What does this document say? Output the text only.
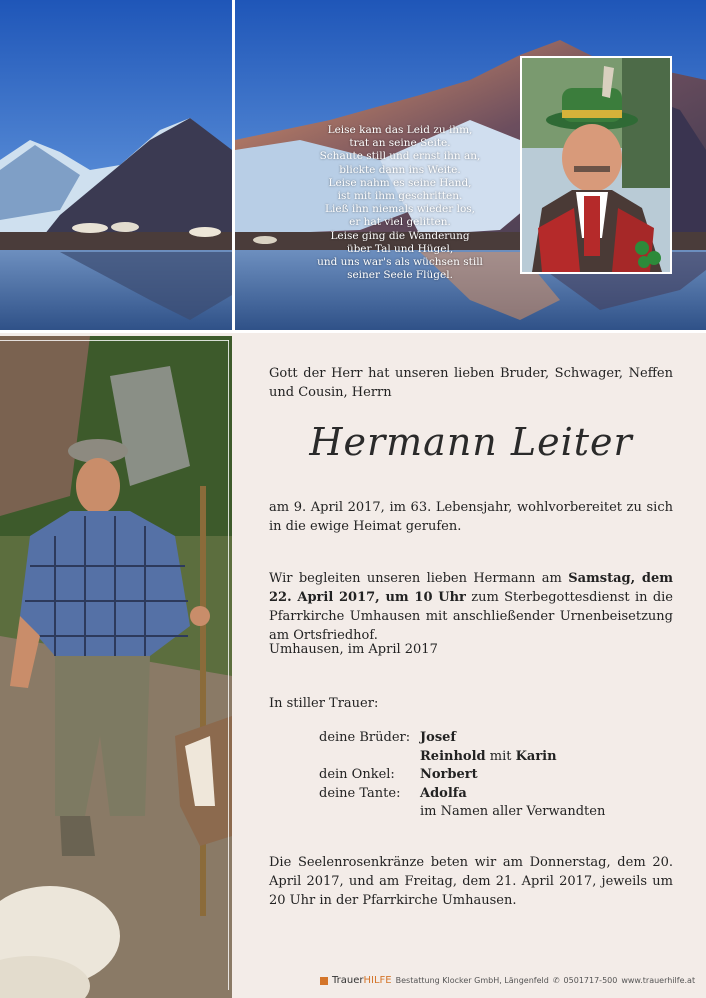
Leise kam das Leid zu ihm,
trat an seine Seite.
Schaute still und ernst ihn an,
blickte dann ins Weite.
Leise nahm es seine Hand,
ist mit ihm geschritten.
Ließ ihn niemals wieder los,
er hat viel gelitten.
Leise ging die Wanderung
über Tal und Hügel,
und uns war's als wüchsen still
seiner Seele Flügel.
Gott der Herr hat unseren lieben Bruder, Schwager, Neffen und Cousin, Herrn
Hermann Leiter
am 9. April 2017, im 63. Lebensjahr, wohlvorbereitet zu sich in die ewige Heimat gerufen.
Wir begleiten unseren lieben Hermann am Samstag, dem 22. April 2017, um 10 Uhr zum Sterbegottesdienst in die Pfarrkirche Umhausen mit anschließender Urnenbeisetzung am Ortsfriedhof.
Umhausen, im April 2017
In stiller Trauer:
deine Brüder: Josef
Reinhold mit Karin
dein Onkel:	Norbert
deine Tante:	Adolfa
im Namen aller Verwandten
Die Seelenrosenkränze beten wir am Donnerstag, dem 20. April 2017, und am Freitag, dem 21. April 2017, jeweils um 20 Uhr in der Pfarrkirche Umhausen.
TrauerHILFE Bestattung Klocker GmbH, Längenfeld ✆ 0501717-500 www.trauerhilfe.at
